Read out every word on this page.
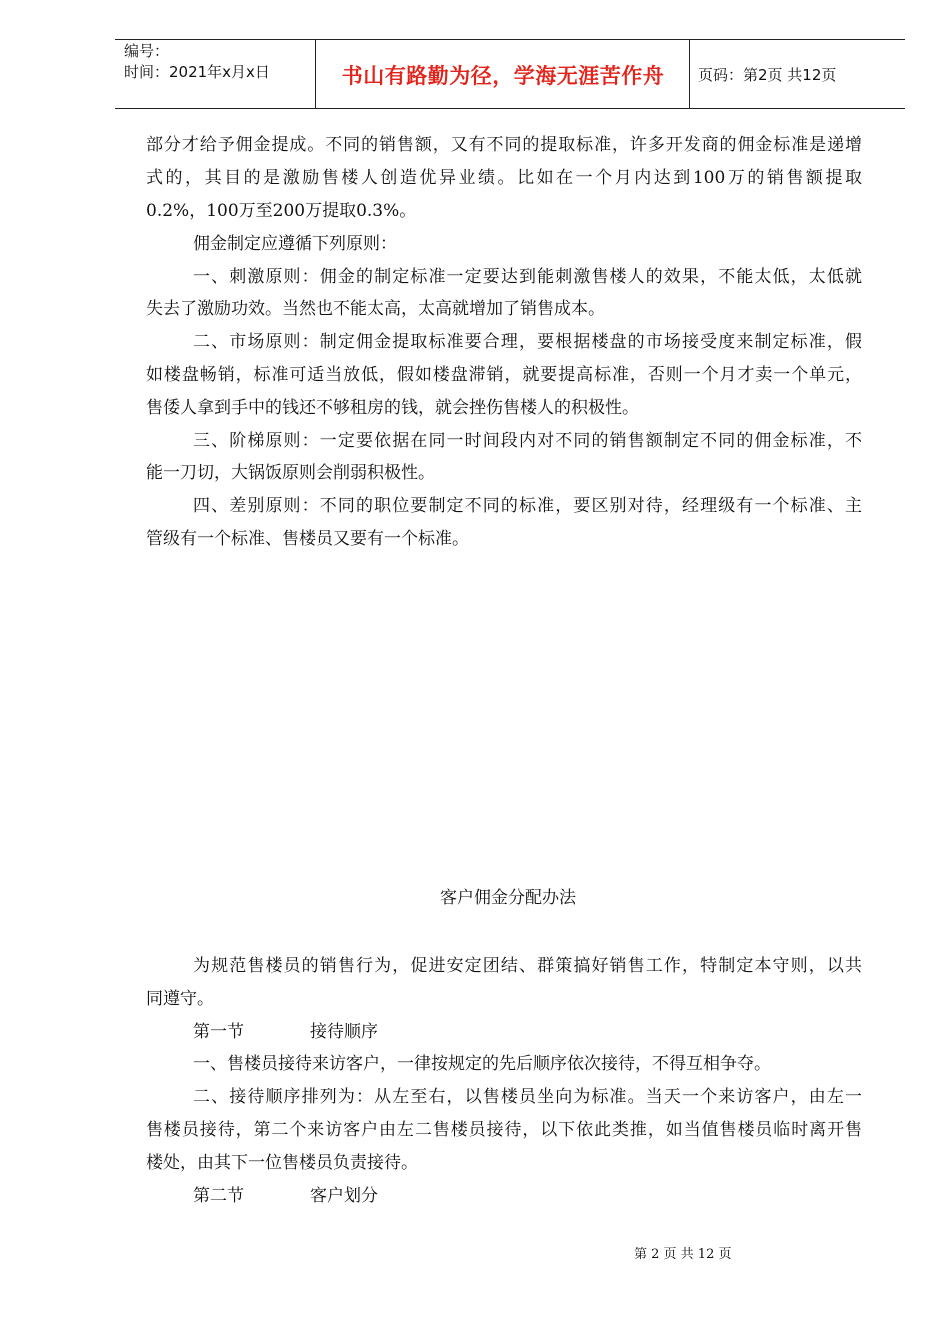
编号：
时间：2021年x月x日	书山有路勤为径，学海无涯苦作舟	页码：第2页 共12页
部分才给予佣金提成。不同的销售额，又有不同的提取标准，许多开发商的佣金标准是递增
式的，其目的是激励售楼人创造优异业绩。比如在一个月内达到100万的销售额提取
0.2%，100万至200万提取0.3%。
佣金制定应遵循下列原则：
一、刺激原则：佣金的制定标准一定要达到能刺激售楼人的效果，不能太低，太低就
失去了激励功效。当然也不能太高，太高就增加了销售成本。
二、市场原则：制定佣金提取标准要合理，要根据楼盘的市场接受度来制定标准，假
如楼盘畅销，标准可适当放低，假如楼盘滞销，就要提高标准，否则一个月才卖一个单元，
售倭人拿到手中的钱还不够租房的钱，就会挫伤售楼人的积极性。
三、阶梯原则：一定要依据在同一时间段内对不同的销售额制定不同的佣金标准，不
能一刀切，大锅饭原则会削弱积极性。
四、差别原则：不同的职位要制定不同的标准，要区别对待，经理级有一个标准、主
管级有一个标准、售楼员又要有一个标准。
客户佣金分配办法
为规范售楼员的销售行为，促进安定团结、群策搞好销售工作，特制定本守则，以共
同遵守。
第一节	接待顺序
一、售楼员接待来访客户，一律按规定的先后顺序依次接待，不得互相争夺。
二、接待顺序排列为：从左至右，以售楼员坐向为标准。当天一个来访客户，由左一
售楼员接待，第二个来访客户由左二售楼员接待，以下依此类推，如当值售楼员临时离开售
楼处，由其下一位售楼员负责接待。
第二节	客户划分
第 2 页 共 12 页
